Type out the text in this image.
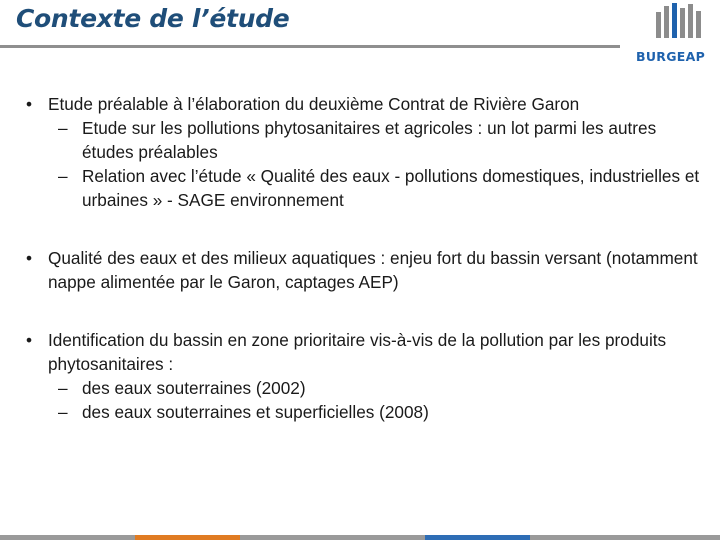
Contexte de l’étude
BURGEAP
• Etude préalable à l’élaboration du deuxième Contrat de Rivière Garon
– Etude sur les pollutions phytosanitaires et agricoles : un lot parmi les autres études préalables
– Relation avec l’étude « Qualité des eaux - pollutions domestiques, industrielles et urbaines » - SAGE environnement
• Qualité des eaux et des milieux aquatiques : enjeu fort du bassin versant (notamment nappe alimentée par le Garon, captages AEP)
• Identification du bassin en zone prioritaire vis-à-vis de la pollution par les produits phytosanitaires :
– des eaux souterraines (2002)
– des eaux souterraines et superficielles (2008)
